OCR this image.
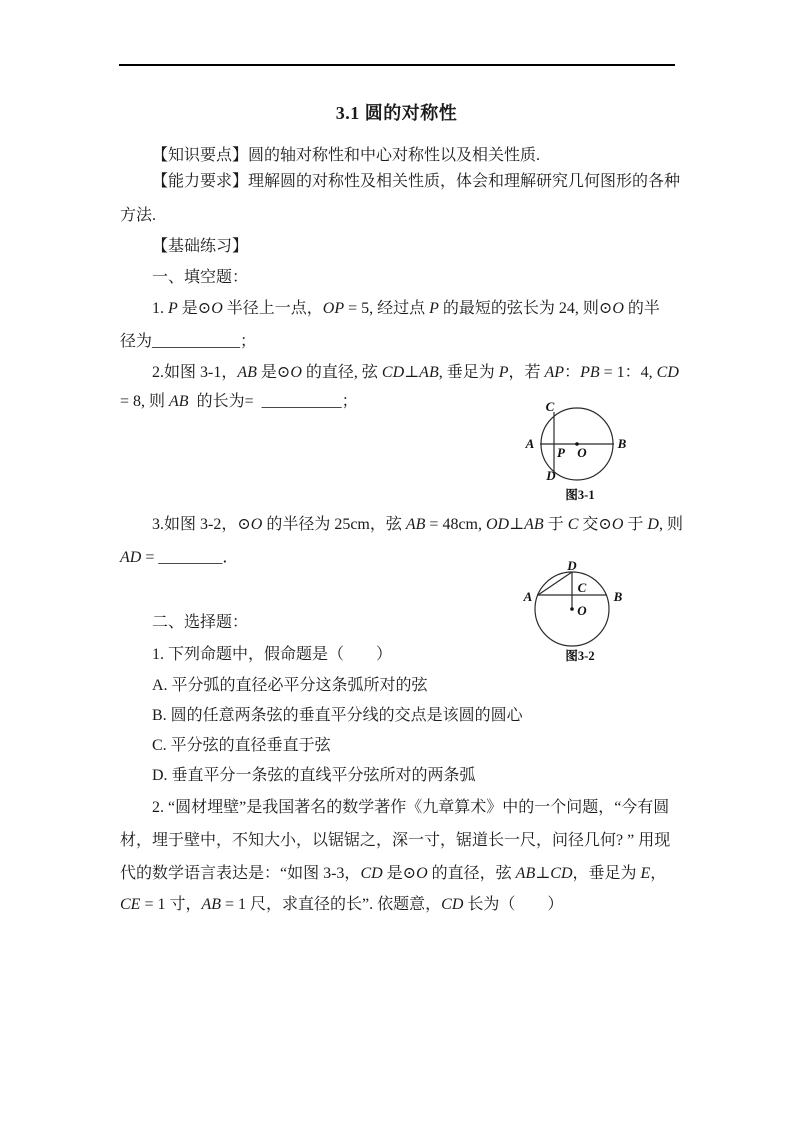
3.1 圆的对称性
【知识要点】圆的轴对称性和中心对称性以及相关性质.
【能力要求】理解圆的对称性及相关性质，体会和理解研究几何图形的各种
方法.
【基础练习】
一、填空题：
1. P 是⊙O 半径上一点，OP = 5, 经过点 P 的最短的弦长为 24, 则⊙O 的半
径为___________；
2.如图 3-1，AB 是⊙O 的直径, 弦 CD⊥AB, 垂足为 P，若 AP：PB = 1：4, CD
= 8, 则 AB  的长为=  __________；
3.如图 3-2，⊙O 的半径为 25cm，弦 AB = 48cm, OD⊥AB 于 C 交⊙O 于 D, 则
AD = ________．
A	B
C
D
P O
图3-1
A	B
D
C
O
图3-2
二、选择题：
1. 下列命题中，假命题是（　　）
A. 平分弧的直径必平分这条弧所对的弦
B. 圆的任意两条弦的垂直平分线的交点是该圆的圆心
C. 平分弦的直径垂直于弦
D. 垂直平分一条弦的直线平分弦所对的两条弧
2. “圆材埋壁”是我国著名的数学著作《九章算术》中的一个问题，“今有圆
材，埋于壁中，不知大小，以锯锯之，深一寸，锯道长一尺，问径几何? ” 用现
代的数学语言表达是：“如图 3-3，CD 是⊙O 的直径，弦 AB⊥CD，垂足为 E，
CE = 1 寸，AB = 1 尺，求直径的长”. 依题意，CD 长为（　　）
